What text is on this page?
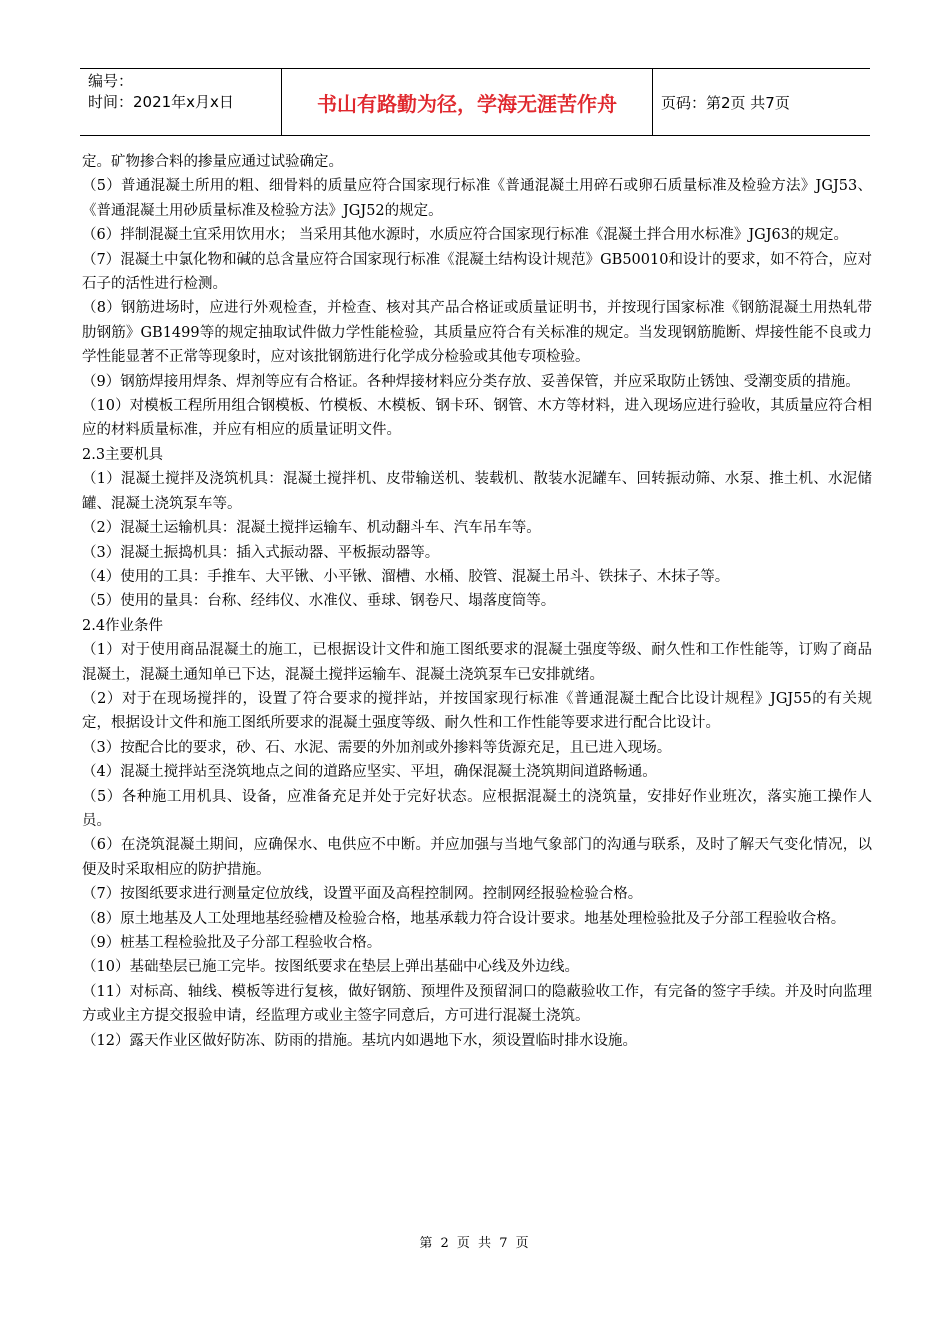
编号：
时间：2021年x月x日	书山有路勤为径，学海无涯苦作舟	页码：第2页 共7页

定。矿物掺合料的掺量应通过试验确定。

（5）普通混凝土所用的粗、细骨料的质量应符合国家现行标准《普通混凝土用碎石或卵石质量标准及检验方法》JGJ53、《普通混凝土用砂质量标准及检验方法》JGJ52的规定。

（6）拌制混凝土宜采用饮用水； 当采用其他水源时，水质应符合国家现行标准《混凝土拌合用水标准》JGJ63的规定。

（7）混凝土中氯化物和碱的总含量应符合国家现行标准《混凝土结构设计规范》GB50010和设计的要求，如不符合，应对石子的活性进行检测。

（8）钢筋进场时，应进行外观检查，并检查、核对其产品合格证或质量证明书，并按现行国家标准《钢筋混凝土用热轧带肋钢筋》GB1499等的规定抽取试件做力学性能检验，其质量应符合有关标准的规定。当发现钢筋脆断、焊接性能不良或力学性能显著不正常等现象时，应对该批钢筋进行化学成分检验或其他专项检验。

（9）钢筋焊接用焊条、焊剂等应有合格证。各种焊接材料应分类存放、妥善保管，并应采取防止锈蚀、受潮变质的措施。

（10）对模板工程所用组合钢模板、竹模板、木模板、钢卡环、钢管、木方等材料，进入现场应进行验收，其质量应符合相应的材料质量标准，并应有相应的质量证明文件。

2.3主要机具

（1）混凝土搅拌及浇筑机具：混凝土搅拌机、皮带输送机、装载机、散装水泥罐车、回转振动筛、水泵、推土机、水泥储罐、混凝土浇筑泵车等。

（2）混凝土运输机具：混凝土搅拌运输车、机动翻斗车、汽车吊车等。

（3）混凝土振捣机具：插入式振动器、平板振动器等。

（4）使用的工具：手推车、大平锹、小平锹、溜槽、水桶、胶管、混凝土吊斗、铁抹子、木抹子等。

（5）使用的量具：台称、经纬仪、水准仪、垂球、钢卷尺、塌落度筒等。

2.4作业条件

（1）对于使用商品混凝土的施工，已根据设计文件和施工图纸要求的混凝土强度等级、耐久性和工作性能等，订购了商品混凝土，混凝土通知单已下达，混凝土搅拌运输车、混凝土浇筑泵车已安排就绪。

（2）对于在现场搅拌的，设置了符合要求的搅拌站，并按国家现行标准《普通混凝土配合比设计规程》JGJ55的有关规定，根据设计文件和施工图纸所要求的混凝土强度等级、耐久性和工作性能等要求进行配合比设计。

（3）按配合比的要求，砂、石、水泥、需要的外加剂或外掺料等货源充足，且已进入现场。

（4）混凝土搅拌站至浇筑地点之间的道路应坚实、平坦，确保混凝土浇筑期间道路畅通。

（5）各种施工用机具、设备，应准备充足并处于完好状态。应根据混凝土的浇筑量，安排好作业班次，落实施工操作人员。

（6）在浇筑混凝土期间，应确保水、电供应不中断。并应加强与当地气象部门的沟通与联系，及时了解天气变化情况，以便及时采取相应的防护措施。

（7）按图纸要求进行测量定位放线，设置平面及高程控制网。控制网经报验检验合格。

（8）原土地基及人工处理地基经验槽及检验合格，地基承载力符合设计要求。地基处理检验批及子分部工程验收合格。

（9）桩基工程检验批及子分部工程验收合格。

（10）基础垫层已施工完毕。按图纸要求在垫层上弹出基础中心线及外边线。

（11）对标高、轴线、模板等进行复核，做好钢筋、预埋件及预留洞口的隐蔽验收工作，有完备的签字手续。并及时向监理方或业主方提交报验申请，经监理方或业主签字同意后，方可进行混凝土浇筑。

（12）露天作业区做好防冻、防雨的措施。基坑内如遇地下水，须设置临时排水设施。

第 2 页 共 7 页
